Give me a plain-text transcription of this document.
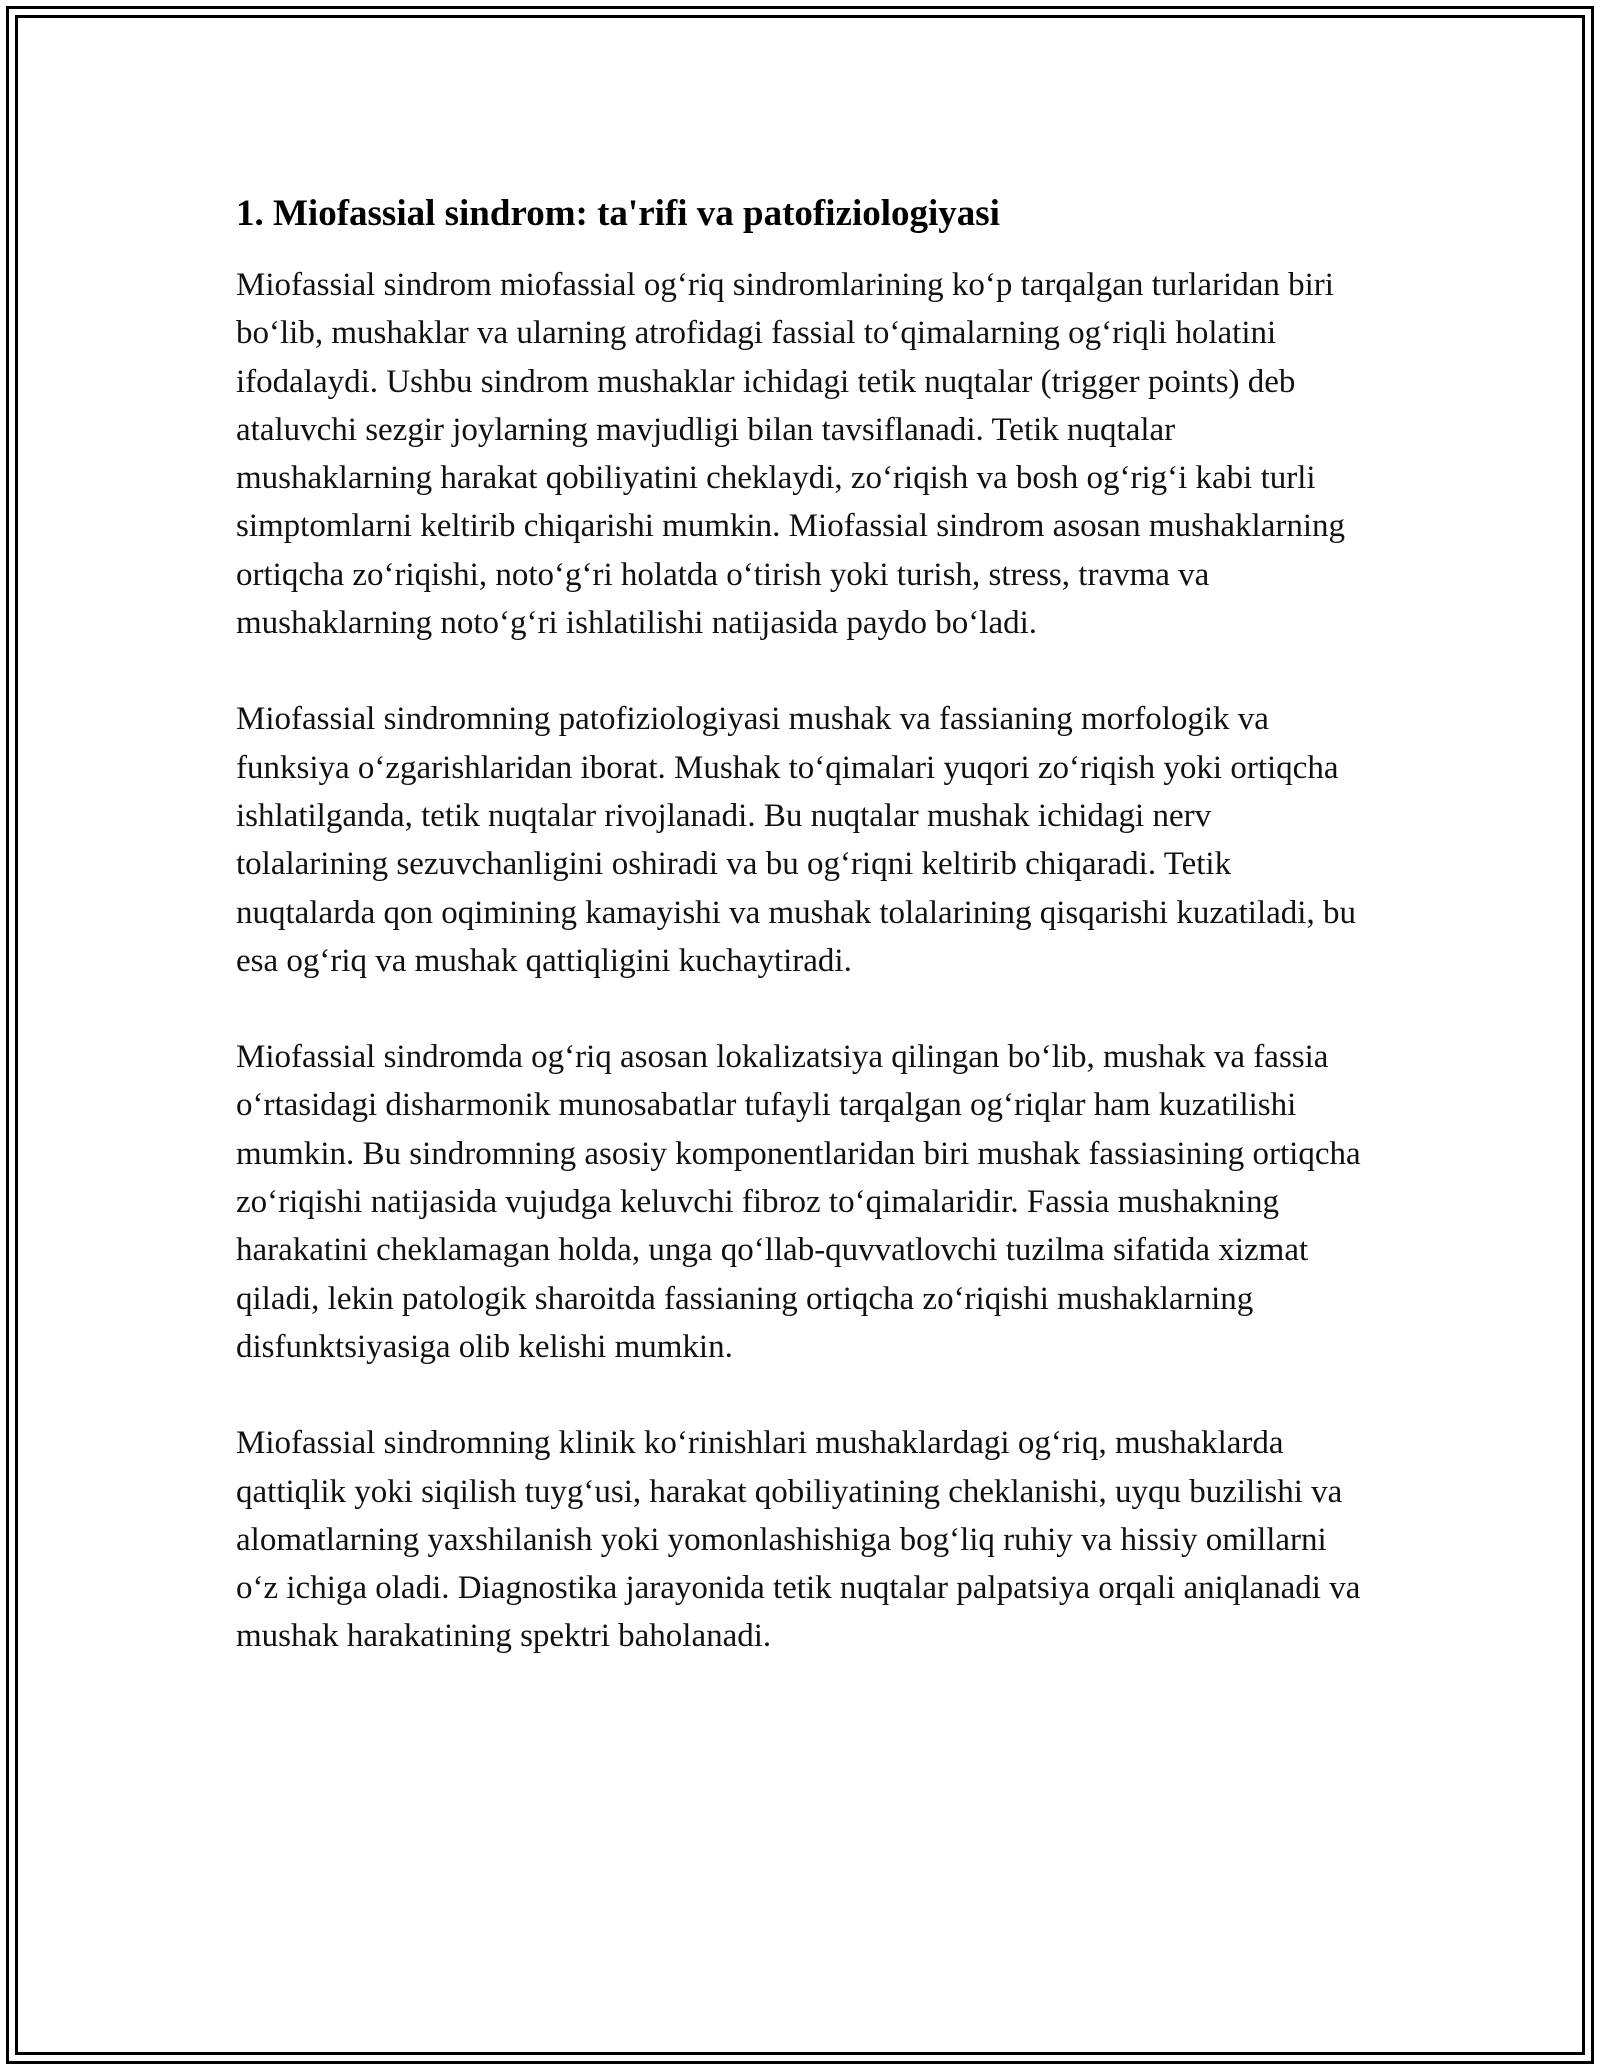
1. Miofassial sindrom: ta'rifi va patofiziologiyasi

Miofassial sindrom miofassial og‘riq sindromlarining ko‘p tarqalgan turlaridan biri bo‘lib, mushaklar va ularning atrofidagi fassial to‘qimalarning og‘riqli holatini ifodalaydi. Ushbu sindrom mushaklar ichidagi tetik nuqtalar (trigger points) deb ataluvchi sezgir joylarning mavjudligi bilan tavsiflanadi. Tetik nuqtalar mushaklarning harakat qobiliyatini cheklaydi, zo‘riqish va bosh og‘rig‘i kabi turli simptomlarni keltirib chiqarishi mumkin. Miofassial sindrom asosan mushaklarning ortiqcha zo‘riqishi, noto‘g‘ri holatda o‘tirish yoki turish, stress, travma va mushaklarning noto‘g‘ri ishlatilishi natijasida paydo bo‘ladi.

Miofassial sindromning patofiziologiyasi mushak va fassianing morfologik va funksiya o‘zgarishlaridan iborat. Mushak to‘qimalari yuqori zo‘riqish yoki ortiqcha ishlatilganda, tetik nuqtalar rivojlanadi. Bu nuqtalar mushak ichidagi nerv tolalarining sezuvchanligini oshiradi va bu og‘riqni keltirib chiqaradi. Tetik nuqtalarda qon oqimining kamayishi va mushak tolalarining qisqarishi kuzatiladi, bu esa og‘riq va mushak qattiqligini kuchaytiradi.

Miofassial sindromda og‘riq asosan lokalizatsiya qilingan bo‘lib, mushak va fassia o‘rtasidagi disharmonik munosabatlar tufayli tarqalgan og‘riqlar ham kuzatilishi mumkin. Bu sindromning asosiy komponentlaridan biri mushak fassiasining ortiqcha zo‘riqishi natijasida vujudga keluvchi fibroz to‘qimalaridir. Fassia mushakning harakatini cheklamagan holda, unga qo‘llab-quvvatlovchi tuzilma sifatida xizmat qiladi, lekin patologik sharoitda fassianing ortiqcha zo‘riqishi mushaklarning disfunktsiyasiga olib kelishi mumkin.

Miofassial sindromning klinik ko‘rinishlari mushaklardagi og‘riq, mushaklarda qattiqlik yoki siqilish tuyg‘usi, harakat qobiliyatining cheklanishi, uyqu buzilishi va alomatlarning yaxshilanish yoki yomonlashishiga bog‘liq ruhiy va hissiy omillarni o‘z ichiga oladi. Diagnostika jarayonida tetik nuqtalar palpatsiya orqali aniqlanadi va mushak harakatining spektri baholanadi.
